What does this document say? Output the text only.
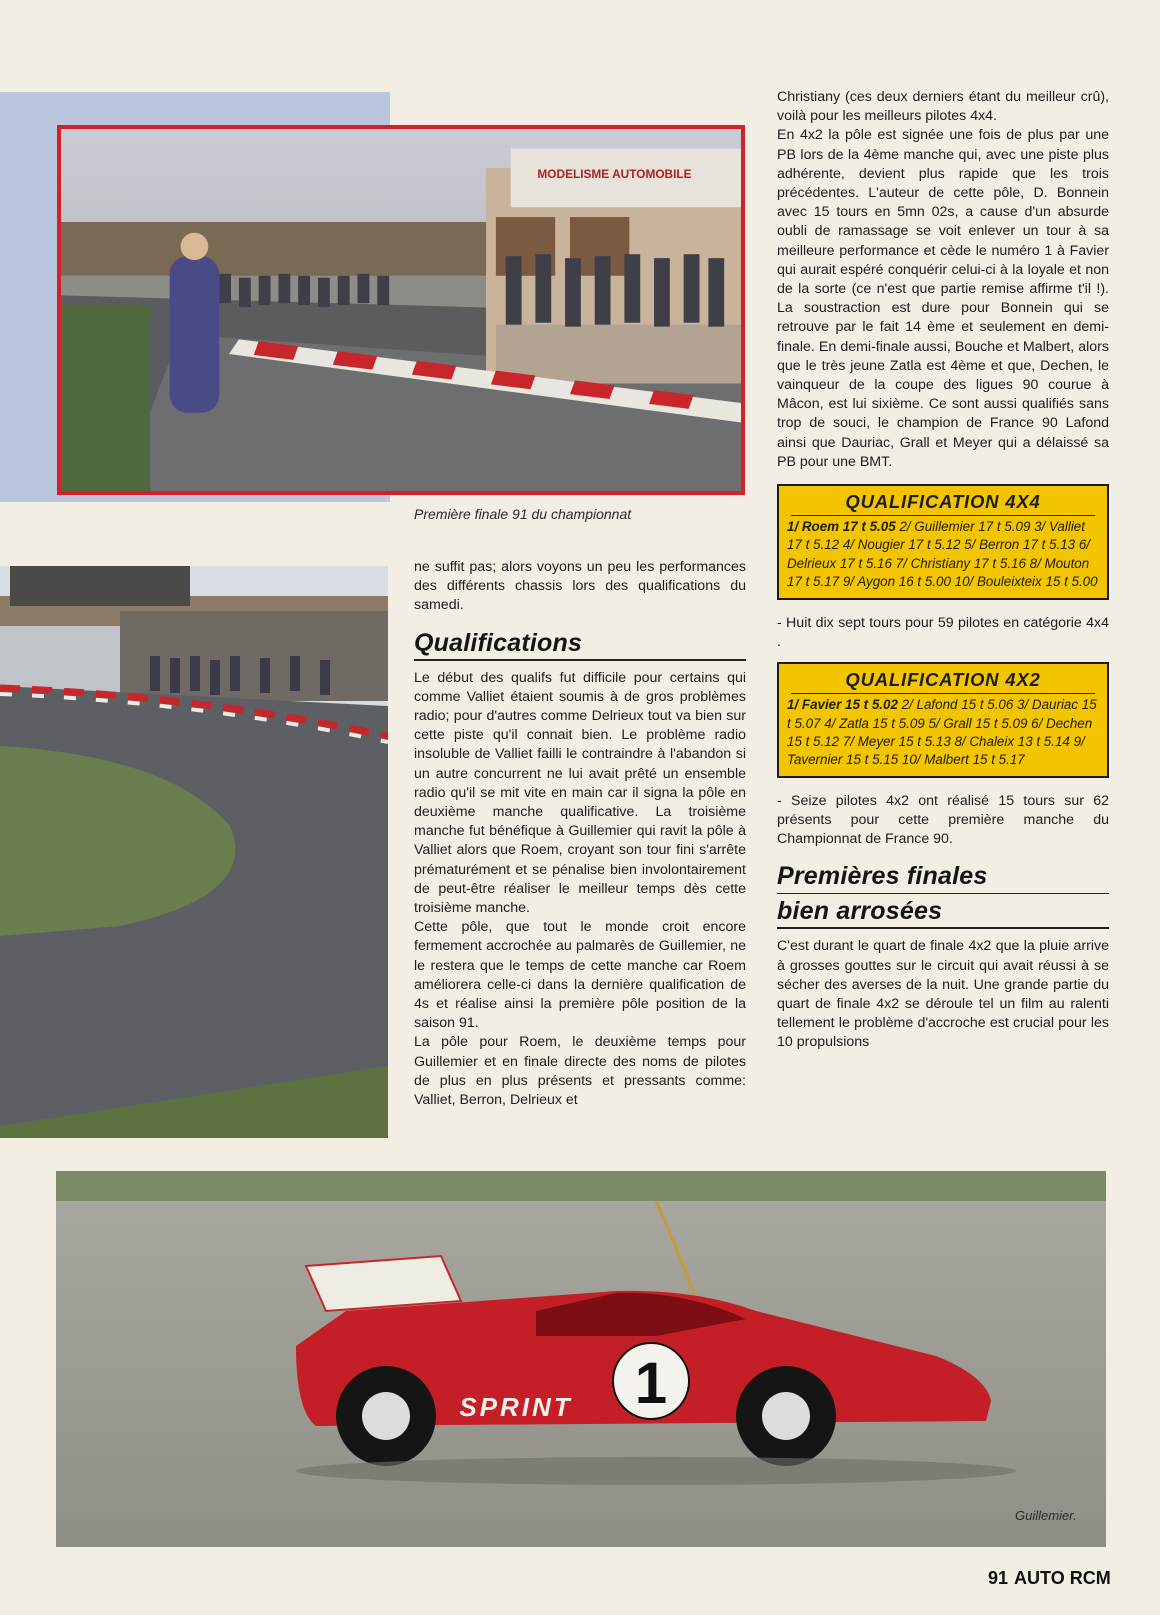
MODELISME AUTOMOBILE
Première finale 91 du championnat

ne suffit pas; alors voyons un peu les performances des différents chassis lors des qualifications du samedi.

Qualifications

Le début des qualifs fut difficile pour certains qui comme Valliet étaient soumis à de gros problèmes radio; pour d'autres comme Delrieux tout va bien sur cette piste qu'il connait bien. Le problème radio insoluble de Valliet failli le contraindre à l'abandon si un autre concurrent ne lui avait prêté un ensemble radio qu'il se mit vite en main car il signa la pôle en deuxième manche qualificative. La troisième manche fut bénéfique à Guillemier qui ravit la pôle à Valliet alors que Roem, croyant son tour fini s'arrête prématurément et se pénalise bien involontairement de peut-être réaliser le meilleur temps dès cette troisième manche.

Cette pôle, que tout le monde croit encore fermement accrochée au palmarès de Guillemier, ne le restera que le temps de cette manche car Roem améliorera celle-ci dans la dernière qualification de 4s et réalise ainsi la première pôle position de la saison 91.

La pôle pour Roem, le deuxième temps pour Guillemier et en finale directe des noms de pilotes de plus en plus présents et pressants comme: Valliet, Berron, Delrieux et

Christiany (ces deux derniers étant du meilleur crû), voilà pour les meilleurs pilotes 4x4.

En 4x2 la pôle est signée une fois de plus par une PB lors de la 4ème manche qui, avec une piste plus adhérente, devient plus rapide que les trois précédentes. L'auteur de cette pôle, D. Bonnein avec 15 tours en 5mn 02s, a cause d'un absurde oubli de ramassage se voit enlever un tour à sa meilleure performance et cède le numéro 1 à Favier qui aurait espéré conquérir celui-ci à la loyale et non de la sorte (ce n'est que partie remise affirme t'il !). La soustraction est dure pour Bonnein qui se retrouve par le fait 14 ème et seulement en demi-finale. En demi-finale aussi, Bouche et Malbert, alors que le très jeune Zatla est 4ème et que, Dechen, le vainqueur de la coupe des ligues 90 courue à Mâcon, est lui sixième. Ce sont aussi qualifiés sans trop de souci, le champion de France 90 Lafond ainsi que Dauriac, Grall et Meyer qui a délaissé sa PB pour une BMT.

QUALIFICATION 4X4
1/ Roem 17 t 5.05 2/ Guillemier 17 t 5.09 3/ Valliet 17 t 5.12 4/ Nougier 17 t 5.12 5/ Berron 17 t 5.13 6/ Delrieux 17 t 5.16 7/ Christiany 17 t 5.16 8/ Mouton 17 t 5.17 9/ Aygon 16 t 5.00 10/ Bouleixteix 15 t 5.00

- Huit dix sept tours pour 59 pilotes en catégorie 4x4 .

QUALIFICATION 4X2
1/ Favier 15 t 5.02 2/ Lafond 15 t 5.06 3/ Dauriac 15 t 5.07 4/ Zatla 15 t 5.09 5/ Grall 15 t 5.09 6/ Dechen 15 t 5.12 7/ Meyer 15 t 5.13 8/ Chaleix 13 t 5.14 9/ Tavernier 15 t 5.15 10/ Malbert 15 t 5.17

- Seize pilotes 4x2 ont réalisé 15 tours sur 62 présents pour cette première manche du Championnat de France 90.

Premières finales
bien arrosées

C'est durant le quart de finale 4x2 que la pluie arrive à grosses gouttes sur le circuit qui avait réussi à se sécher des averses de la nuit. Une grande partie du quart de finale 4x2 se déroule tel un film au ralenti tellement le problème d'accroche est crucial pour les 10 propulsions

1
SPRINT
Guillemier.
91 AUTO RCM
